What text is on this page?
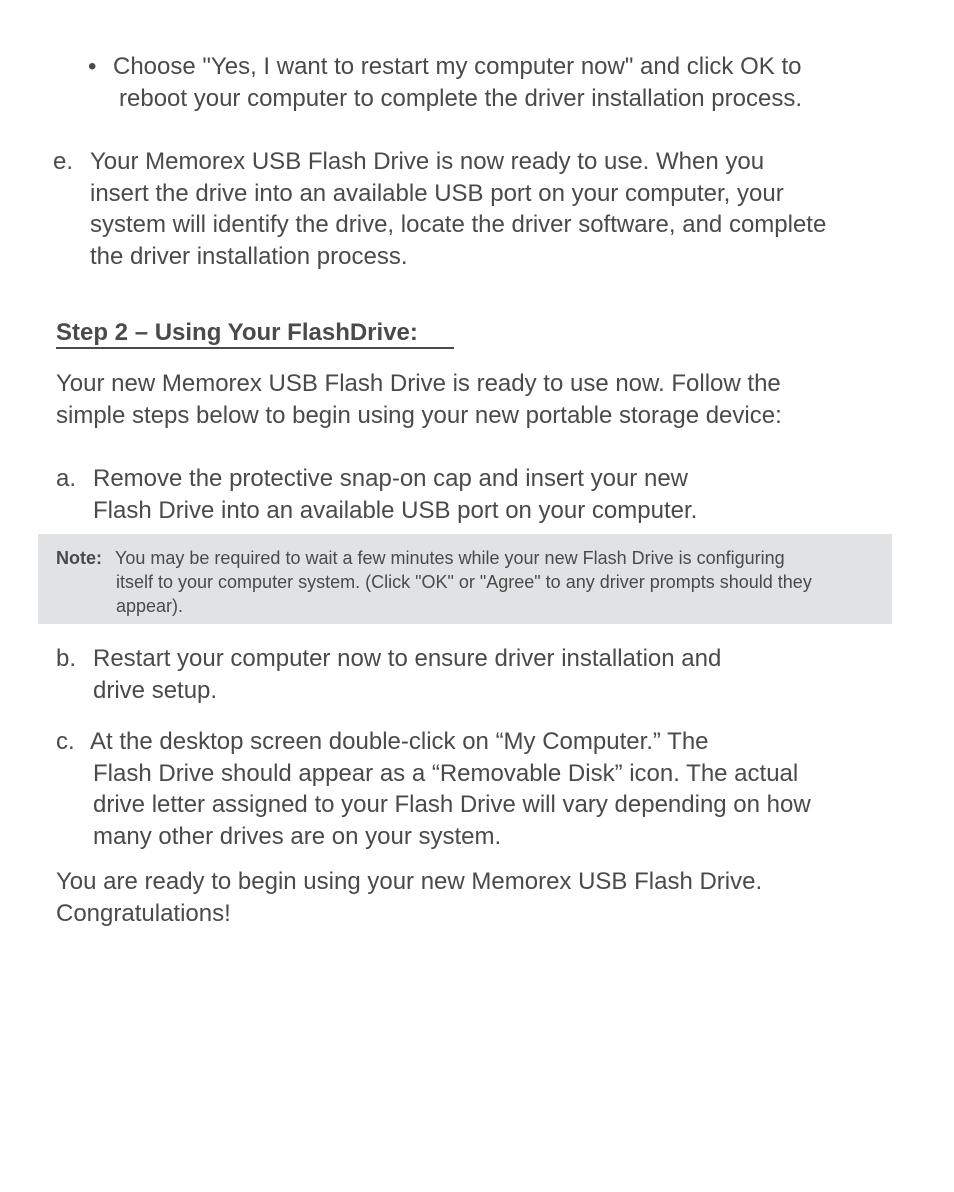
• Choose "Yes, I want to restart my computer now" and click OK to
reboot your computer to complete the driver installation process.
e. Your Memorex USB Flash Drive is now ready to use. When you
insert the drive into an available USB port on your computer, your
system will identify the drive, locate the driver software, and complete
the driver installation process.
Step 2 – Using Your FlashDrive:
Your new Memorex USB Flash Drive is ready to use now. Follow the
simple steps below to begin using your new portable storage device:
a. Remove the protective snap-on cap and insert your new
Flash Drive into an available USB port on your computer.
Note: You may be required to wait a few minutes while your new Flash Drive is configuring
itself to your computer system. (Click "OK" or "Agree" to any driver prompts should they
appear).
b. Restart your computer now to ensure driver installation and
drive setup.
c. At the desktop screen double-click on “My Computer.” The
Flash Drive should appear as a “Removable Disk” icon. The actual
drive letter assigned to your Flash Drive will vary depending on how
many other drives are on your system.
You are ready to begin using your new Memorex USB Flash Drive.
Congratulations!
